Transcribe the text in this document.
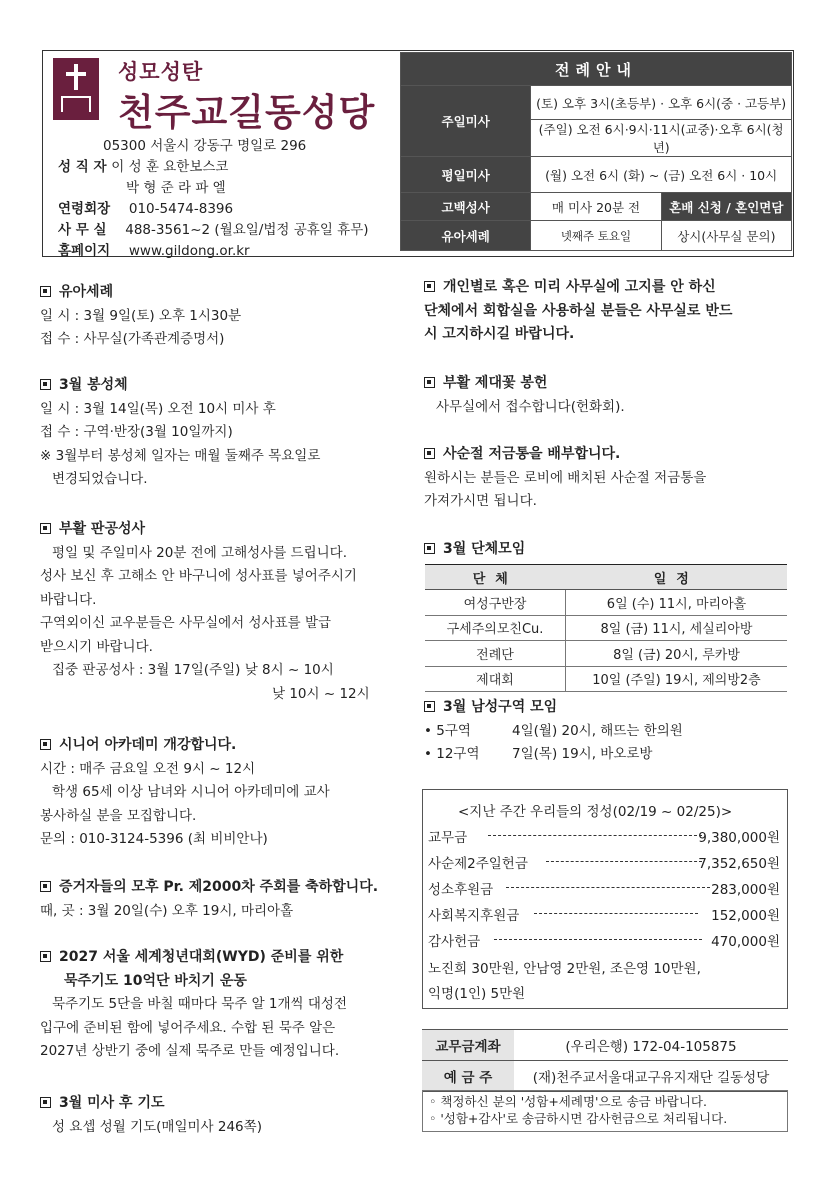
성모성탄
천주교길동성당
05300 서울시 강동구 명일로 296
성 직 자 이 성 훈 요한보스코
박 형 준 라 파 엘
연령회장 010-5474-8396
사 무 실 488-3561~2 (월요일/법정 공휴일 휴무)
홈페이지 www.gildong.or.kr
전례안내		
주일미사	(토) 오후 3시(초등부) · 오후 6시(중 · 고등부)	
	(주일) 오전 6시·9시·11시(교중)·오후 6시(청년)	
평일미사	(월) 오전 6시 (화) ~ (금) 오전 6시 · 10시	
고백성사	매 미사 20분 전	혼배 신청 / 혼인면담
유아세례	넷째주 토요일	상시(사무실 문의)
유아세례
일 시 : 3월 9일(토) 오후 1시30분
접 수 : 사무실(가족관계증명서)
3월 봉성체
일 시 : 3월 14일(목) 오전 10시 미사 후
접 수 : 구역·반장(3월 10일까지)
※ 3월부터 봉성체 일자는 매월 둘째주 목요일로
변경되었습니다.
부활 판공성사
평일 및 주일미사 20분 전에 고해성사를 드립니다.
성사 보신 후 고해소 안 바구니에 성사표를 넣어주시기
바랍니다.
구역외이신 교우분들은 사무실에서 성사표를 발급
받으시기 바랍니다.
집중 판공성사 : 3월 17일(주일) 낮 8시 ~ 10시
낮 10시 ~ 12시
시니어 아카데미 개강합니다.
시간 : 매주 금요일 오전 9시 ~ 12시
학생 65세 이상 남녀와 시니어 아카데미에 교사
봉사하실 분을 모집합니다.
문의 : 010-3124-5396 (최 비비안나)
증거자들의 모후 Pr. 제2000차 주회를 축하합니다.
때, 곳 : 3월 20일(수) 오후 19시, 마리아홀
2027 서울 세계청년대회(WYD) 준비를 위한
묵주기도 10억단 바치기 운동
묵주기도 5단을 바칠 때마다 묵주 알 1개씩 대성전
입구에 준비된 함에 넣어주세요. 수합 된 묵주 알은
2027년 상반기 중에 실제 묵주로 만들 예정입니다.
3월 미사 후 기도
성 요셉 성월 기도(매일미사 246쪽)
개인별로 혹은 미리 사무실에 고지를 안 하신
단체에서 회합실을 사용하실 분들은 사무실로 반드
시 고지하시길 바랍니다.
부활 제대꽃 봉헌
사무실에서 접수합니다(헌화회).
사순절 저금통을 배부합니다.
원하시는 분들은 로비에 배치된 사순절 저금통을
가져가시면 됩니다.
3월 단체모임
단체	일정
여성구반장	6일 (수) 11시, 마리아홀
구세주의모친Cu.	8일 (금) 11시, 세실리아방
전례단	8일 (금) 20시, 루카방
제대회	10일 (주일) 19시, 제의방2층
3월 남성구역 모임
• 5구역	4일(월) 20시, 해뜨는 한의원
• 12구역 7일(목) 19시, 바오로방
<지난 주간 우리들의 정성(02/19 ~ 02/25)>
교무금	9,380,000원
사순제2주일헌금	7,352,650원
성소후원금	283,000원
사회복지후원금	152,000원
감사헌금	470,000원
노진희 30만원, 안남영 2만원, 조은영 10만원,
익명(1인) 5만원
교무금계좌	(우리은행) 172-04-105875
예 금 주	(재)천주교서울대교구유지재단 길동성당
◦ 책정하신 분의 '성함+세례명'으로 송금 바랍니다.
◦ '성함+감사'로 송금하시면 감사헌금으로 처리됩니다.
